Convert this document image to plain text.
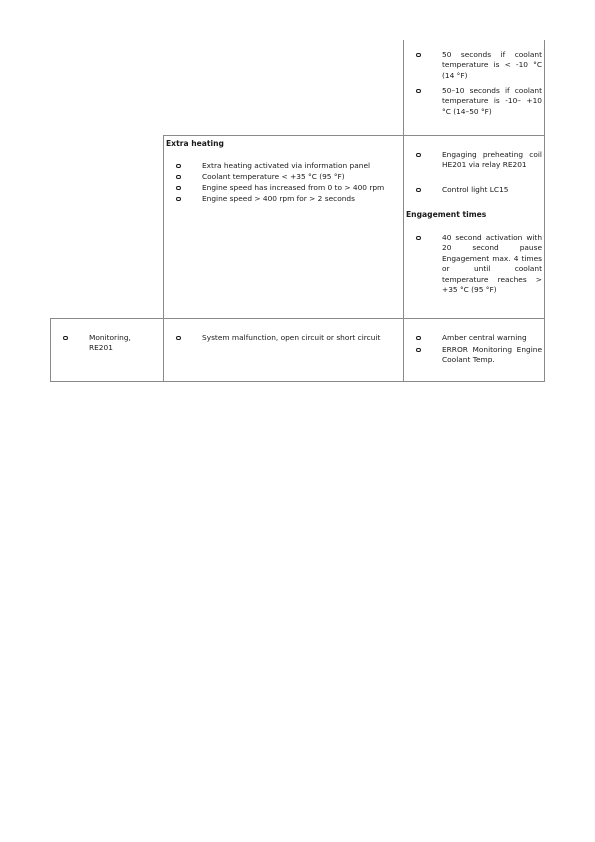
50 seconds if coolant temperature is < -10 °C (14 °F)
50–10 seconds if coolant temperature is -10– +10 °C (14–50 °F)
Extra heating
Extra heating activated via information panel
Coolant temperature < +35 °C (95 °F)
Engine speed has increased from 0 to > 400 rpm
Engine speed > 400 rpm for > 2 seconds
Engaging preheating coil HE201 via relay RE201
Control light LC15
Engagement times
40 second activation with 20 second pause Engagement max. 4 times or until coolant temperature reaches > +35 °C (95 °F)
Monitoring, RE201
System malfunction, open circuit or short circuit	Amber central warning
ERROR Monitoring Engine Coolant Temp.
